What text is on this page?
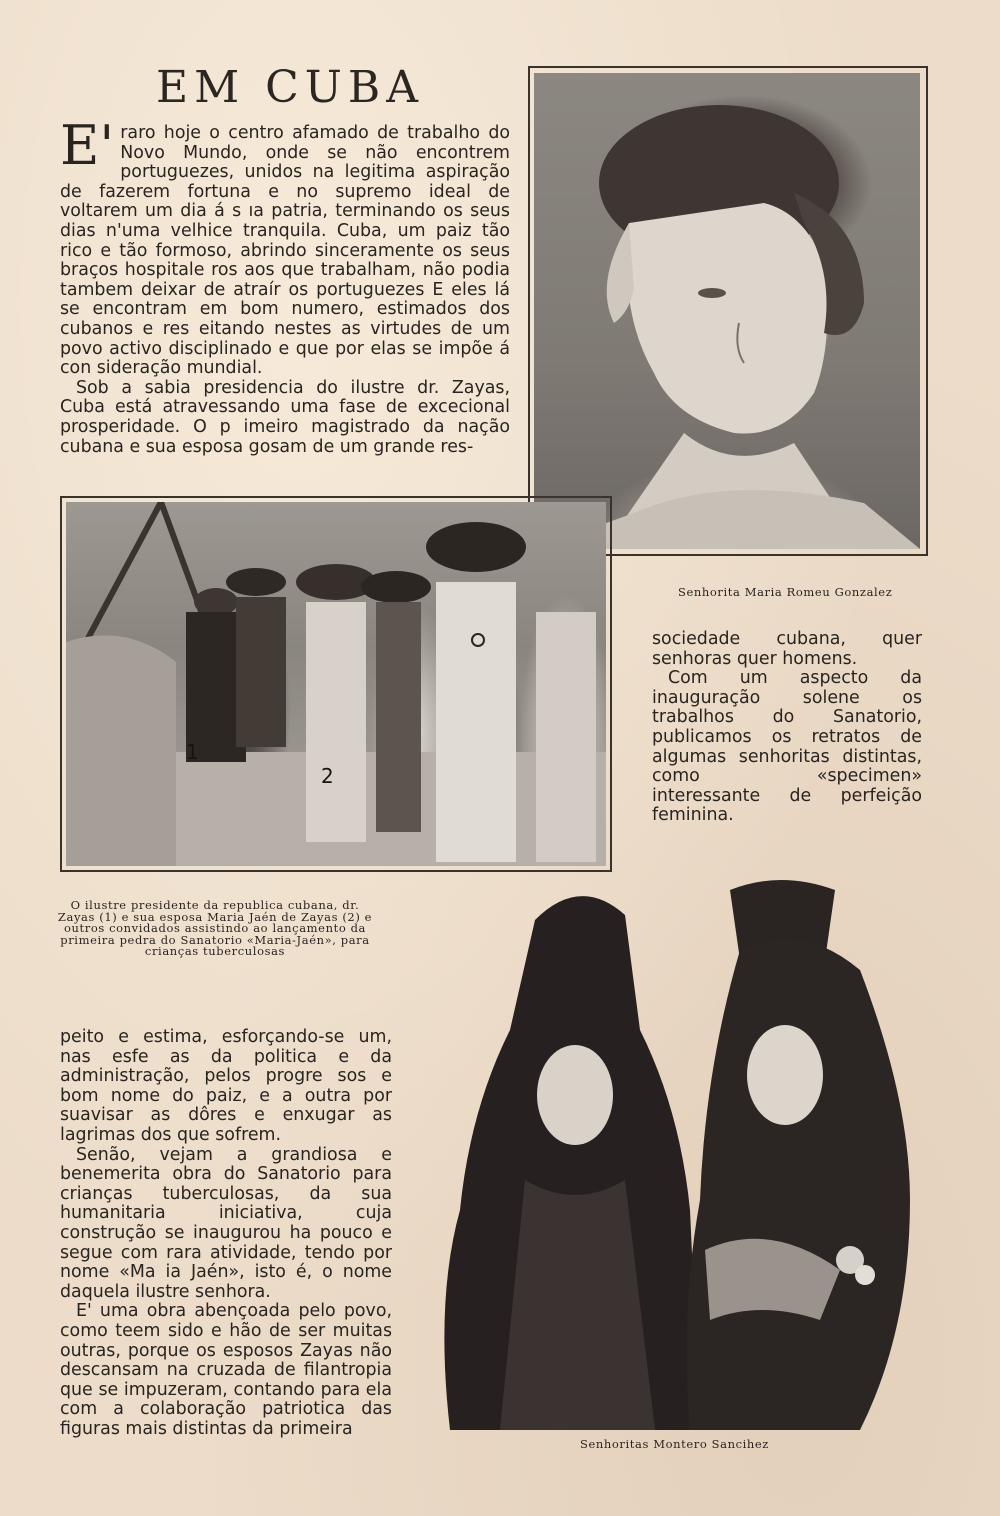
EM CUBA

E' raro hoje o centro afamado de trabalho do Novo Mundo, onde se não encontrem portuguezes, unidos na legitima aspiração de fazerem fortuna e no supremo ideal de voltarem um dia á s ıa patria, terminando os seus dias n'uma velhice tranquila. Cuba, um paiz tão rico e tão formoso, abrindo sinceramente os seus braços hospitale ros aos que trabalham, não podia tambem deixar de atraír os portuguezes E eles lá se encontram em bom numero, estimados dos cubanos e res eitando nestes as virtudes de um povo activo disciplinado e que por elas se impõe á con sideração mundial.

Sob a sabia presidencia do ilustre dr. Zayas, Cuba está atravessando uma fase de excecional prosperidade. O p imeiro magistrado da nação cubana e sua esposa gosam de um grande res-

Senhorita Maria Romeu Gonzalez
1
2
O ilustre presidente da republica cubana, dr. Zayas (1) e sua esposa Maria Jaén de Zayas (2) e outros convidados assistindo ao lançamento da primeira pedra do Sanatorio «Maria-Jaén», para crianças tuberculosas

sociedade cubana, quer senhoras quer homens.

Com um aspecto da inauguração solene os trabalhos do Sanatorio, publicamos os retratos de algumas senhoritas distintas, como «specimen» interessante de perfeição feminina.

Senhoritas Montero Sancihez

peito e estima, esforçando-se um, nas esfe as da politica e da administração, pelos progre sos e bom nome do paiz, e a outra por suavisar as dôres e enxugar as lagrimas dos que sofrem.

Senão, vejam a grandiosa e benemerita obra do Sanatorio para crianças tuberculosas, da sua humanitaria iniciativa, cuja construção se inaugurou ha pouco e segue com rara atividade, tendo por nome «Ma ia Jaén», isto é, o nome daquela ilustre senhora.

E' uma obra abençoada pelo povo, como teem sido e hão de ser muitas outras, porque os esposos Zayas não descansam na cruzada de filantropia que se impuzeram, contando para ela com a colaboração patriotica das figuras mais distintas da primeira
